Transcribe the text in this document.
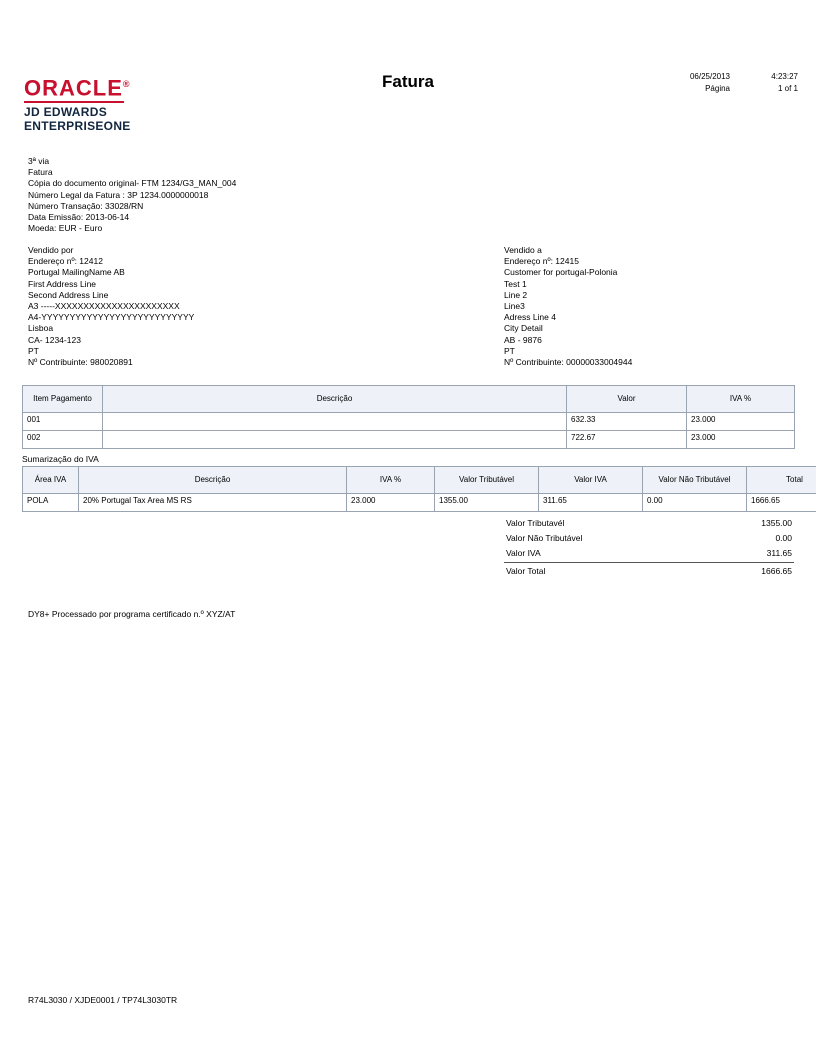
ORACLE®
JD EDWARDS
ENTERPRISEONE
Fatura	06/25/2013	4:23:27
Página	1 of 1
3ª via
Fatura
Cópia do documento original- FTM 1234/G3_MAN_004
Número Legal da Fatura : 3P 1234.0000000018
Número Transação: 33028/RN
Data Emissão: 2013-06-14
Moeda: EUR - Euro
Vendido por
Endereço nº: 12412
Portugal MailingName AB
First Address Line
Second Address Line
A3 -----XXXXXXXXXXXXXXXXXXXXXX
A4-YYYYYYYYYYYYYYYYYYYYYYYYYYY
Lisboa
CA- 1234-123
PT
Nº Contribuinte: 980020891
Vendido a
Endereço nº: 12415
Customer for portugal-Polonia
Test 1
Line 2
Line3
Adress Line 4
City Detail
AB - 9876
PT
Nº Contribuinte: 00000033004944
Item Pagamento	Descrição	Valor	IVA %
001		632.33	23.000
002		722.67	23.000
Sumarização do IVA
Área IVA	Descrição	IVA %	Valor Tributável	Valor IVA	Valor Não Tributável	Total
POLA	20% Portugal Tax Area MS RS	23.000	1355.00	311.65	0.00	1666.65
Valor Tributavél	1355.00
Valor Não Tributável	0.00
Valor IVA	311.65
Valor Total	1666.65
DY8+ Processado por programa certificado n.º XYZ/AT
R74L3030 / XJDE0001 / TP74L3030TR
